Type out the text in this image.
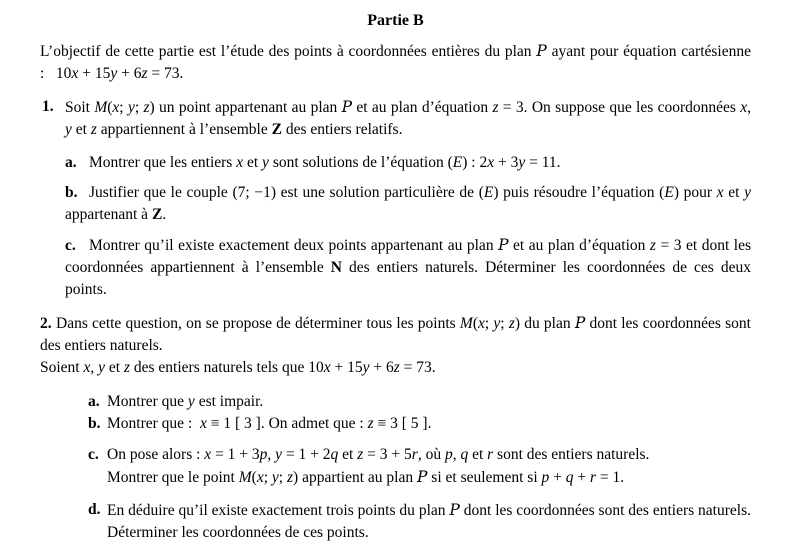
Partie B
L’objectif de cette partie est l’étude des points à coordonnées entières du plan P ayant pour équation cartésienne :   10x + 15y + 6z = 73.
1. Soit M(x; y; z) un point appartenant au plan P et au plan d’équation z = 3. On suppose que les coordonnées x, y et z appartiennent à l’ensemble Z des entiers relatifs.
a. Montrer que les entiers x et y sont solutions de l’équation (E) : 2x + 3y = 11.
b. Justifier que le couple (7; −1) est une solution particulière de (E) puis résoudre l’équation (E) pour x et y appartenant à Z.
c. Montrer qu’il existe exactement deux points appartenant au plan P et au plan d’équation z = 3 et dont les coordonnées appartiennent à l’ensemble N des entiers naturels. Déterminer les coordonnées de ces deux points.
2. Dans cette question, on se propose de déterminer tous les points M(x; y; z) du plan P dont les coordonnées sont des entiers naturels.
Soient x, y et z des entiers naturels tels que 10x + 15y + 6z = 73.
a. Montrer que y est impair.
b. Montrer que :  x ≡ 1 [ 3 ]. On admet que : z ≡ 3 [ 5 ].
c. On pose alors : x = 1 + 3p, y = 1 + 2q et z = 3 + 5r, où p, q et r sont des entiers naturels.
Montrer que le point M(x; y; z) appartient au plan P si et seulement si p + q + r = 1.
d. En déduire qu’il existe exactement trois points du plan P dont les coordonnées sont des entiers naturels. Déterminer les coordonnées de ces points.
